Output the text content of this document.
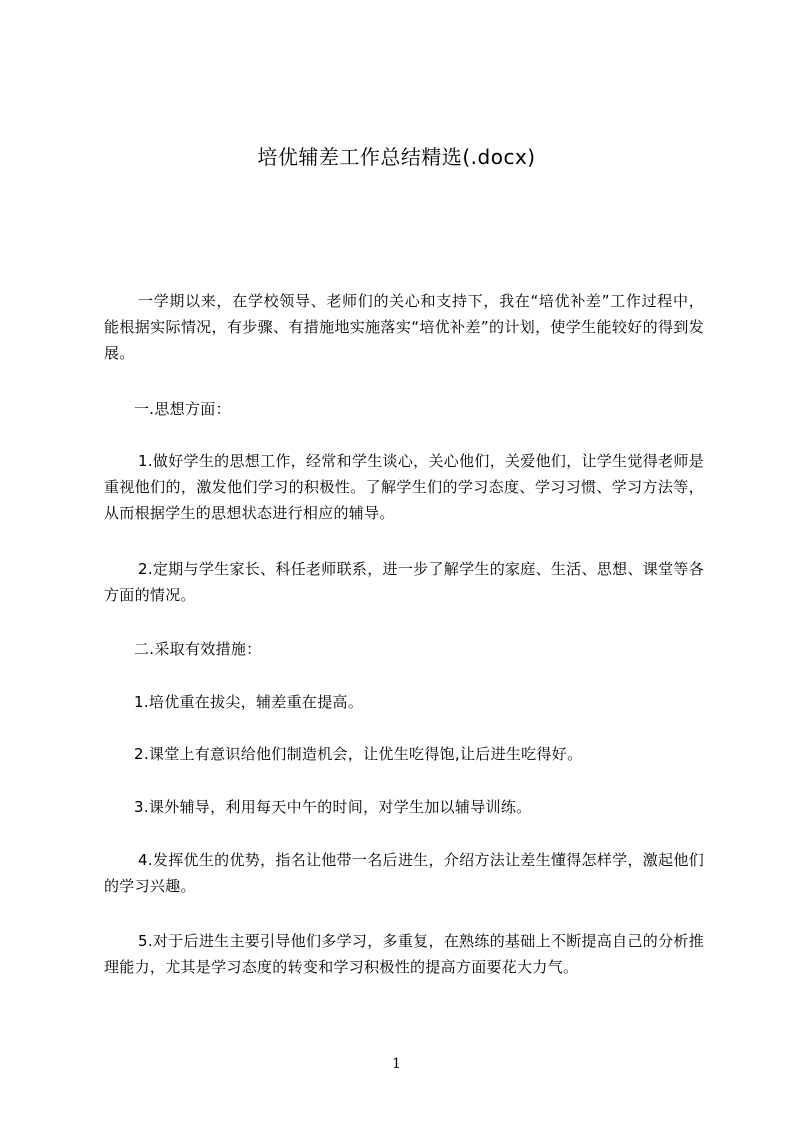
培优辅差工作总结精选(.docx)

一学期以来，在学校领导、老师们的关心和支持下，我在“培优补差”工作过程中，能根据实际情况，有步骤、有措施地实施落实“培优补差”的计划，使学生能较好的得到发展。

一.思想方面：

1.做好学生的思想工作，经常和学生谈心，关心他们，关爱他们，让学生觉得老师是重视他们的，激发他们学习的积极性。了解学生们的学习态度、学习习惯、学习方法等，从而根据学生的思想状态进行相应的辅导。

2.定期与学生家长、科任老师联系，进一步了解学生的家庭、生活、思想、课堂等各方面的情况。

二.采取有效措施：

1.培优重在拔尖，辅差重在提高。

2.课堂上有意识给他们制造机会，让优生吃得饱,让后进生吃得好。

3.课外辅导，利用每天中午的时间，对学生加以辅导训练。

4.发挥优生的优势，指名让他带一名后进生，介绍方法让差生懂得怎样学，激起他们的学习兴趣。

5.对于后进生主要引导他们多学习，多重复，在熟练的基础上不断提高自己的分析推理能力，尤其是学习态度的转变和学习积极性的提高方面要花大力气。

1
